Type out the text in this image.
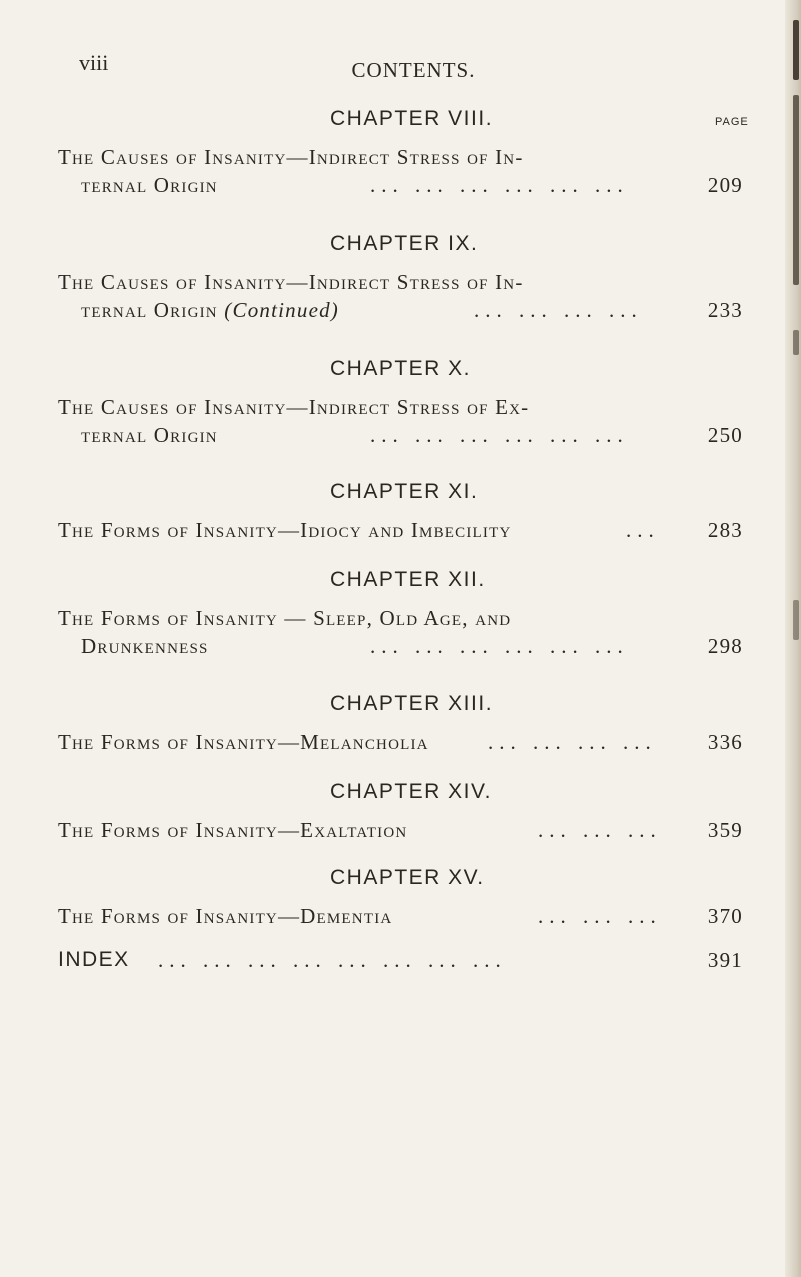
viii	CONTENTS.
PAGE
CHAPTER VIII.
The Causes of Insanity—Indirect Stress of In-
ternal Origin	... ... ... ... ... ...	209
CHAPTER IX.
The Causes of Insanity—Indirect Stress of In-
ternal Origin (Continued)	... ... ... ...	233
CHAPTER X.
The Causes of Insanity—Indirect Stress of Ex-
ternal Origin	... ... ... ... ... ...	250
CHAPTER XI.
The Forms of Insanity—Idiocy and Imbecility	... 283
CHAPTER XII.
The Forms of Insanity — Sleep, Old Age, and
Drunkenness	... ... ... ... ... ...	298
CHAPTER XIII.
The Forms of Insanity—Melancholia	... ... ... ... 336
CHAPTER XIV.
The Forms of Insanity—Exaltation	... ... ... 359
CHAPTER XV.
The Forms of Insanity—Dementia	... ... ... 370
INDEX ... ... ... ... ... ... ... ...	391
